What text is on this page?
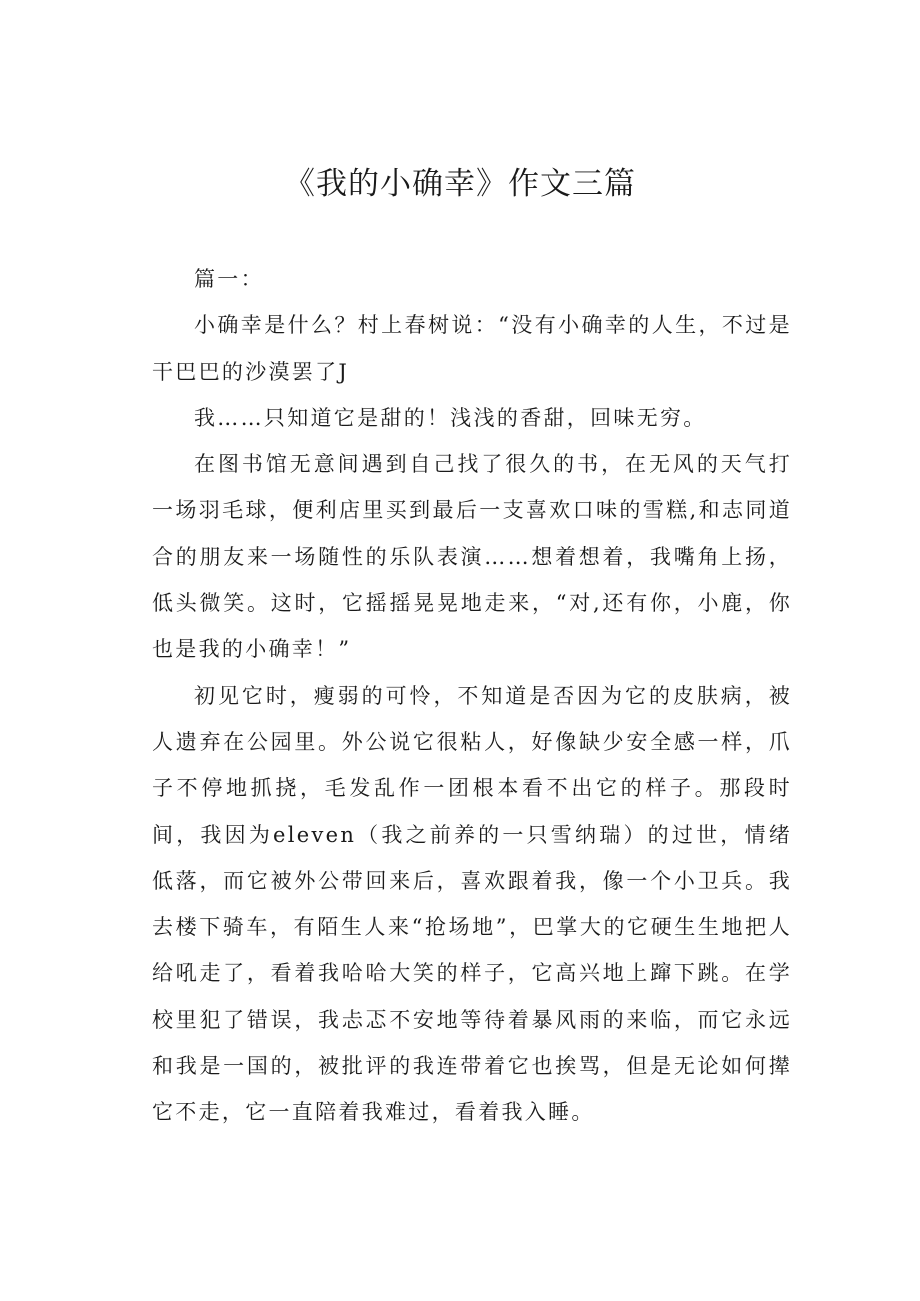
《我的小确幸》作文三篇

篇一：

小确幸是什么？村上春树说：“没有小确幸的人生，不过是干巴巴的沙漠罢了J

我……只知道它是甜的！浅浅的香甜，回味无穷。

在图书馆无意间遇到自己找了很久的书，在无风的天气打一场羽毛球，便利店里买到最后一支喜欢口味的雪糕,和志同道合的朋友来一场随性的乐队表演……想着想着，我嘴角上扬，低头微笑。这时，它摇摇晃晃地走来，“对,还有你，小鹿，你也是我的小确幸！”

初见它时，瘦弱的可怜，不知道是否因为它的皮肤病，被人遗弃在公园里。外公说它很粘人，好像缺少安全感一样，爪子不停地抓挠，毛发乱作一团根本看不出它的样子。那段时间，我因为eleven（我之前养的一只雪纳瑞）的过世，情绪低落，而它被外公带回来后，喜欢跟着我，像一个小卫兵。我去楼下骑车，有陌生人来“抢场地”，巴掌大的它硬生生地把人给吼走了，看着我哈哈大笑的样子，它高兴地上蹿下跳。在学校里犯了错误，我忐忑不安地等待着暴风雨的来临，而它永远和我是一国的，被批评的我连带着它也挨骂，但是无论如何撵它不走，它一直陪着我难过，看着我入睡。
